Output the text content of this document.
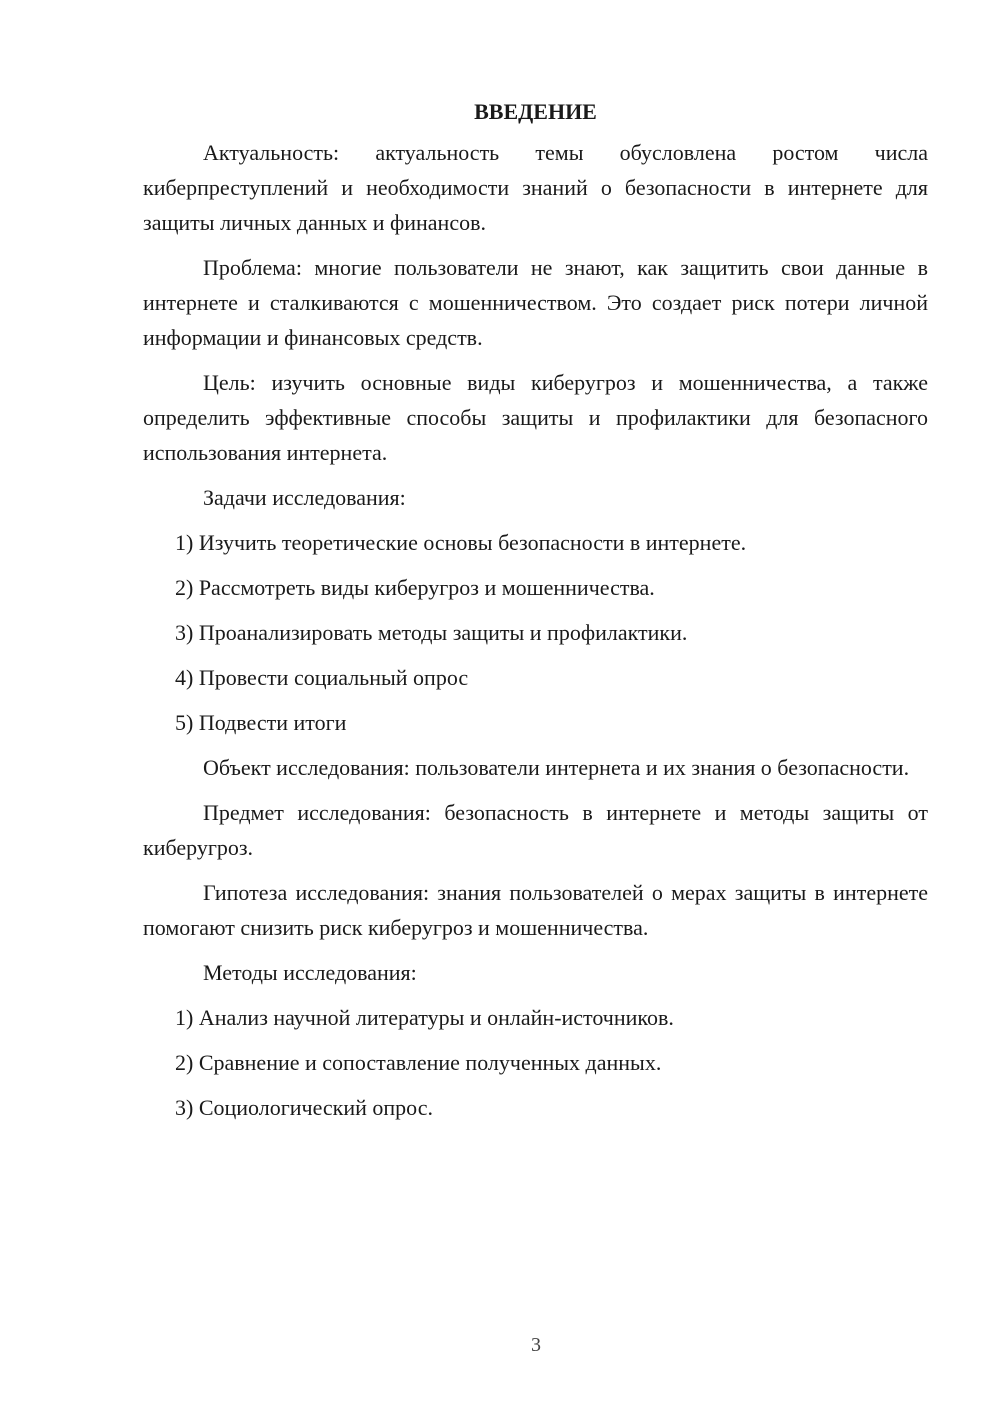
ВВЕДЕНИЕ

Актуальность: актуальность темы обусловлена ростом числа киберпреступлений и необходимости знаний о безопасности в интернете для защиты личных данных и финансов.

Проблема: многие пользователи не знают, как защитить свои данные в интернете и сталкиваются с мошенничеством. Это создает риск потери личной информации и финансовых средств.

Цель: изучить основные виды киберугроз и мошенничества, а также определить эффективные способы защиты и профилактики для безопасного использования интернета.

Задачи исследования:

1) Изучить теоретические основы безопасности в интернете.
2) Рассмотреть виды киберугроз и мошенничества.
3) Проанализировать методы защиты и профилактики.
4) Провести социальный опрос
5) Подвести итоги

Объект исследования: пользователи интернета и их знания о безопасности.

Предмет исследования: безопасность в интернете и методы защиты от киберугроз.

Гипотеза исследования: знания пользователей о мерах защиты в интернете помогают снизить риск киберугроз и мошенничества.

Методы исследования:

1) Анализ научной литературы и онлайн-источников.
2) Сравнение и сопоставление полученных данных.
3) Социологический опрос.
3
